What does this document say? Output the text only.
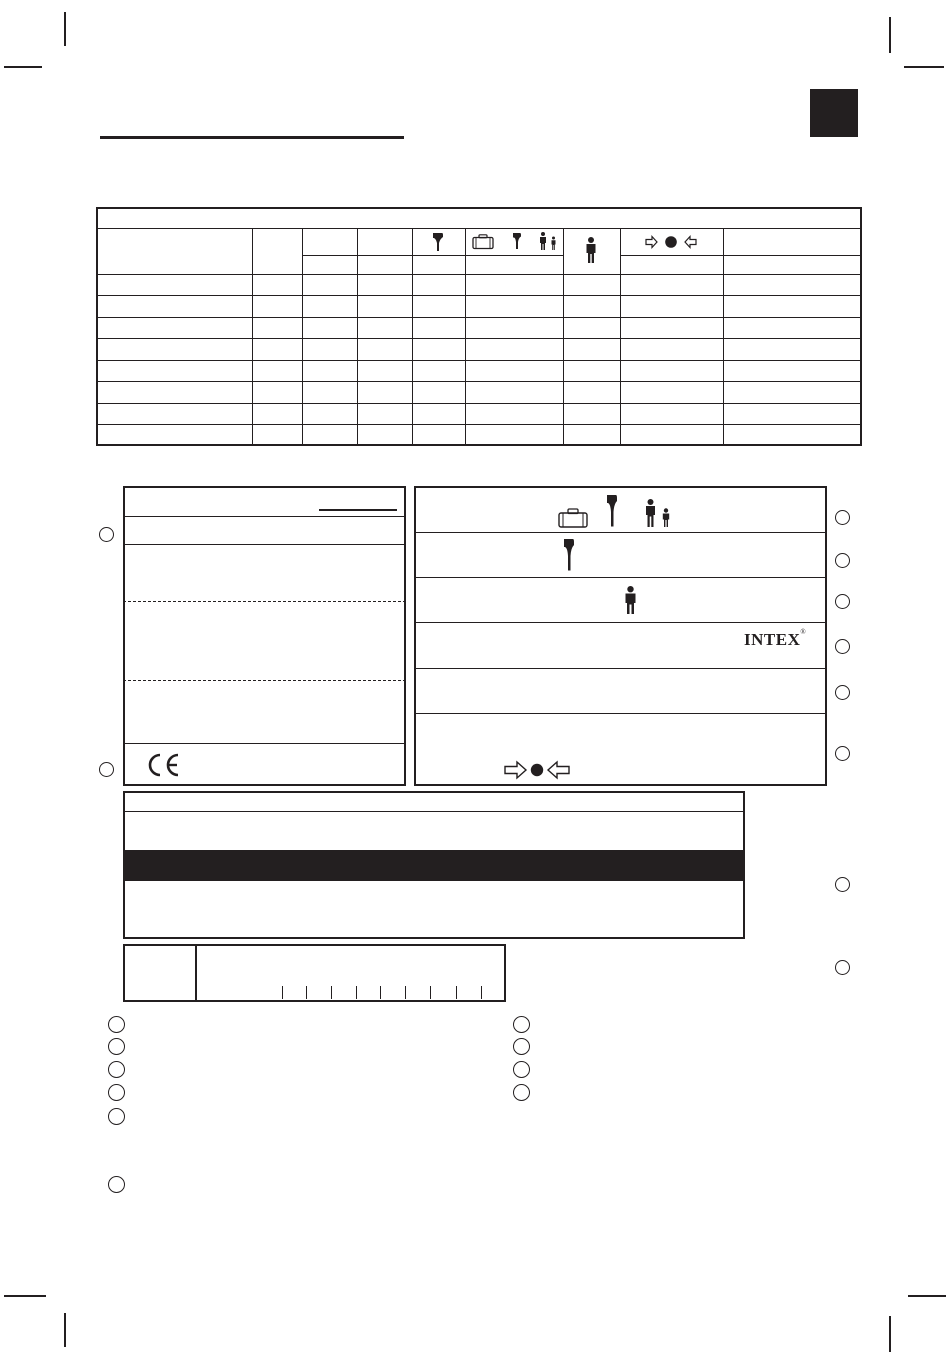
INTEX®
